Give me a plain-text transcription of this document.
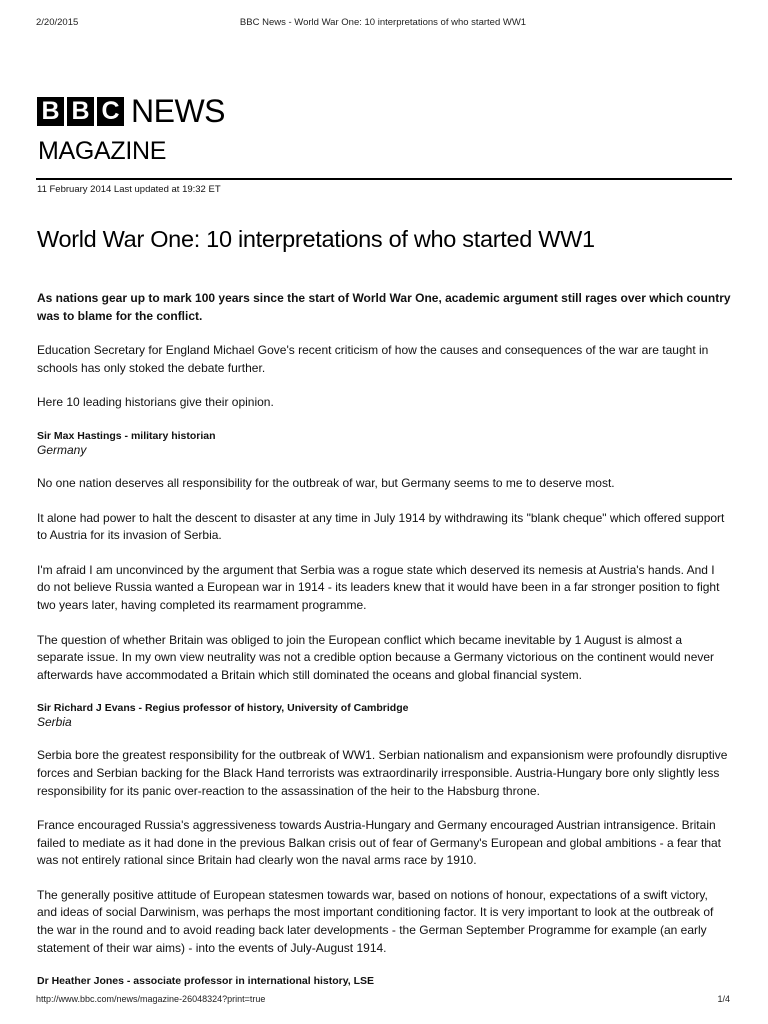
2/20/2015	BBC News - World War One: 10 interpretations of who started WW1
B B C NEWS
MAGAZINE
11 February 2014 Last updated at 19:32 ET
World War One: 10 interpretations of who started WW1

As nations gear up to mark 100 years since the start of World War One, academic argument still rages over which country was to blame for the conflict.

Education Secretary for England Michael Gove's recent criticism of how the causes and consequences of the war are taught in schools has only stoked the debate further.

Here 10 leading historians give their opinion.

Sir Max Hastings - military historian

Germany

No one nation deserves all responsibility for the outbreak of war, but Germany seems to me to deserve most.

It alone had power to halt the descent to disaster at any time in July 1914 by withdrawing its "blank cheque" which offered support to Austria for its invasion of Serbia.

I'm afraid I am unconvinced by the argument that Serbia was a rogue state which deserved its nemesis at Austria's hands. And I do not believe Russia wanted a European war in 1914 - its leaders knew that it would have been in a far stronger position to fight two years later, having completed its rearmament programme.

The question of whether Britain was obliged to join the European conflict which became inevitable by 1 August is almost a separate issue. In my own view neutrality was not a credible option because a Germany victorious on the continent would never afterwards have accommodated a Britain which still dominated the oceans and global financial system.

Sir Richard J Evans - Regius professor of history, University of Cambridge

Serbia

Serbia bore the greatest responsibility for the outbreak of WW1. Serbian nationalism and expansionism were profoundly disruptive forces and Serbian backing for the Black Hand terrorists was extraordinarily irresponsible. Austria-Hungary bore only slightly less responsibility for its panic over-reaction to the assassination of the heir to the Habsburg throne.

France encouraged Russia's aggressiveness towards Austria-Hungary and Germany encouraged Austrian intransigence. Britain failed to mediate as it had done in the previous Balkan crisis out of fear of Germany's European and global ambitions - a fear that was not entirely rational since Britain had clearly won the naval arms race by 1910.

The generally positive attitude of European statesmen towards war, based on notions of honour, expectations of a swift victory, and ideas of social Darwinism, was perhaps the most important conditioning factor. It is very important to look at the outbreak of the war in the round and to avoid reading back later developments - the German September Programme for example (an early statement of their war aims) - into the events of July-August 1914.

Dr Heather Jones - associate professor in international history, LSE

http://www.bbc.com/news/magazine-26048324?print=true	1/4
